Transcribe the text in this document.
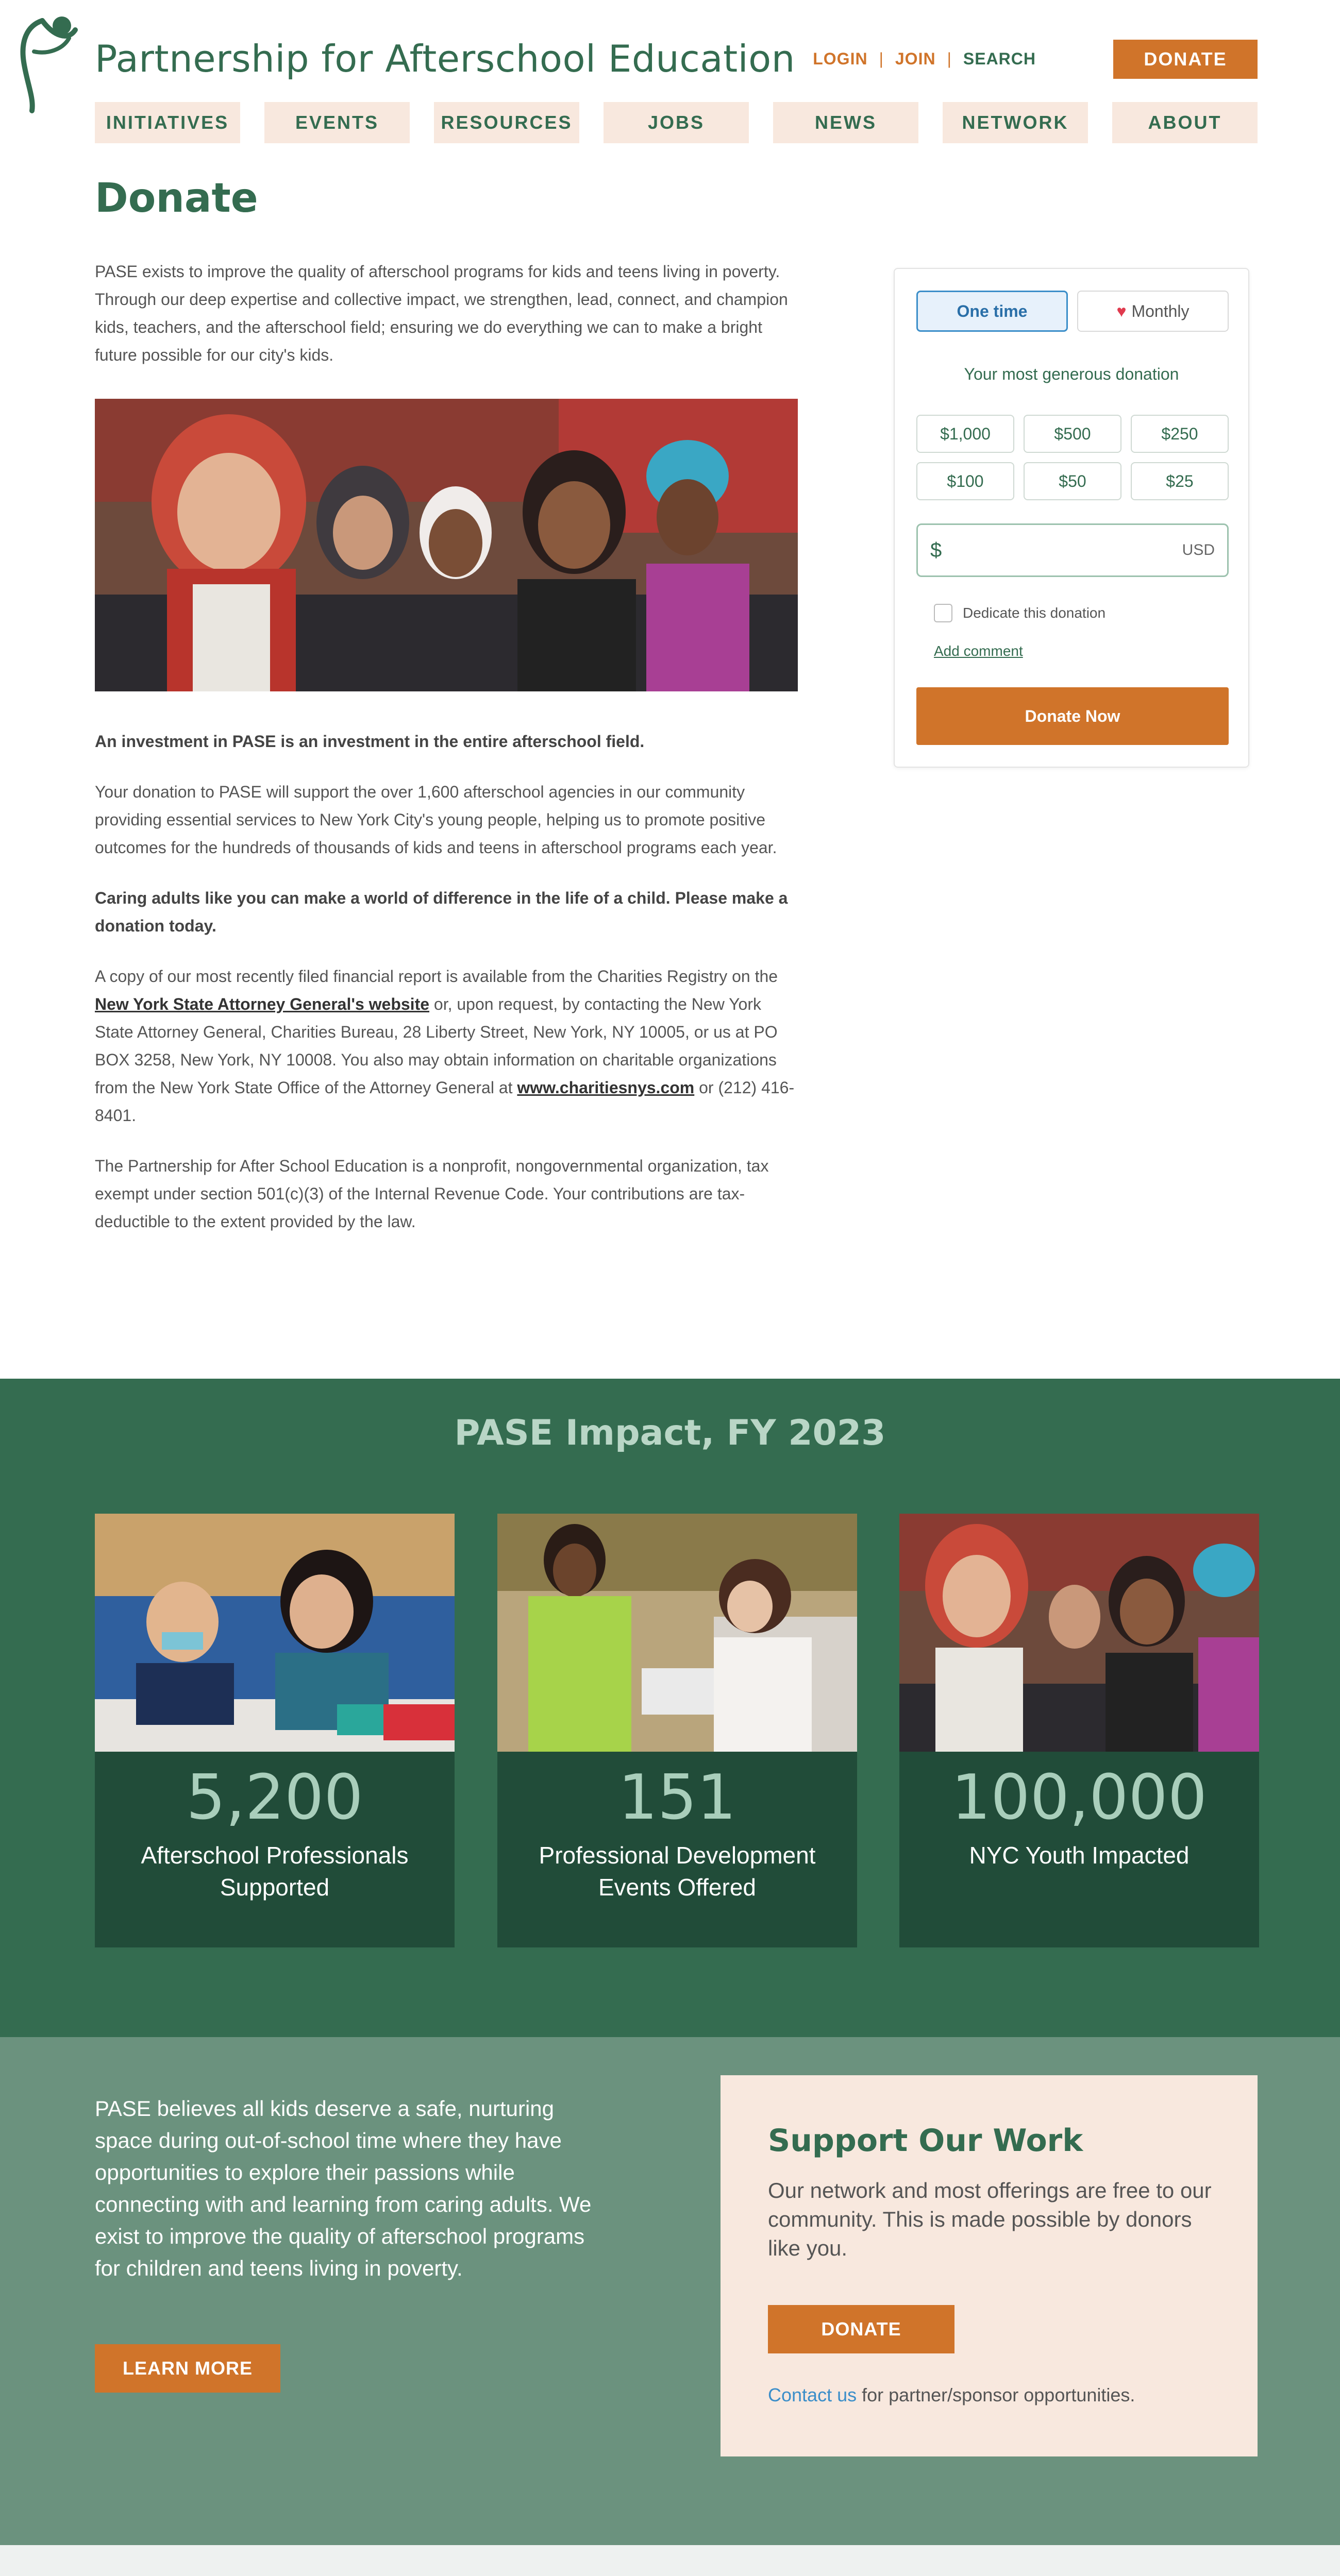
Partnership for Afterschool Education LOGIN | JOIN | SEARCH	DONATE
INITIATIVES	EVENTS	RESOURCES	JOBS	NEWS	NETWORK	ABOUT
Donate

PASE exists to improve the quality of afterschool programs for kids and teens living in poverty. Through our deep expertise and collective impact, we strengthen, lead, connect, and champion kids, teachers, and the afterschool field; ensuring we do everything we can to make a bright future possible for our city's kids.

An investment in PASE is an investment in the entire afterschool field.

Your donation to PASE will support the over 1,600 afterschool agencies in our community providing essential services to New York City's young people, helping us to promote positive outcomes for the hundreds of thousands of kids and teens in afterschool programs each year.

Caring adults like you can make a world of difference in the life of a child. Please make a donation today.

A copy of our most recently filed financial report is available from the Charities Registry on the New York State Attorney General's website or, upon request, by contacting the New York State Attorney General, Charities Bureau, 28 Liberty Street, New York, NY 10005, or us at PO BOX 3258, New York, NY 10008. You also may obtain information on charitable organizations from the New York State Office of the Attorney General at www.charitiesnys.com or (212) 416-8401.

The Partnership for After School Education is a nonprofit, nongovernmental organization, tax exempt under section 501(c)(3) of the Internal Revenue Code. Your contributions are tax-deductible to the extent provided by the law.

One time	♥ Monthly
Your most generous donation
$1,000	$500	$250
$100	$50	$25
$	USD
Dedicate this donation
Add comment
Donate Now
PASE Impact, FY 2023
5,200
Afterschool Professionals Supported
151
Professional Development Events Offered
100,000
NYC Youth Impacted

PASE believes all kids deserve a safe, nurturing space during out-of-school time where they have opportunities to explore their passions while connecting with and learning from caring adults. We exist to improve the quality of afterschool programs for children and teens living in poverty.

LEARN MORE
Support Our Work

Our network and most offerings are free to our community. This is made possible by donors like you.

DONATE

Contact us for partner/sponsor opportunities.
